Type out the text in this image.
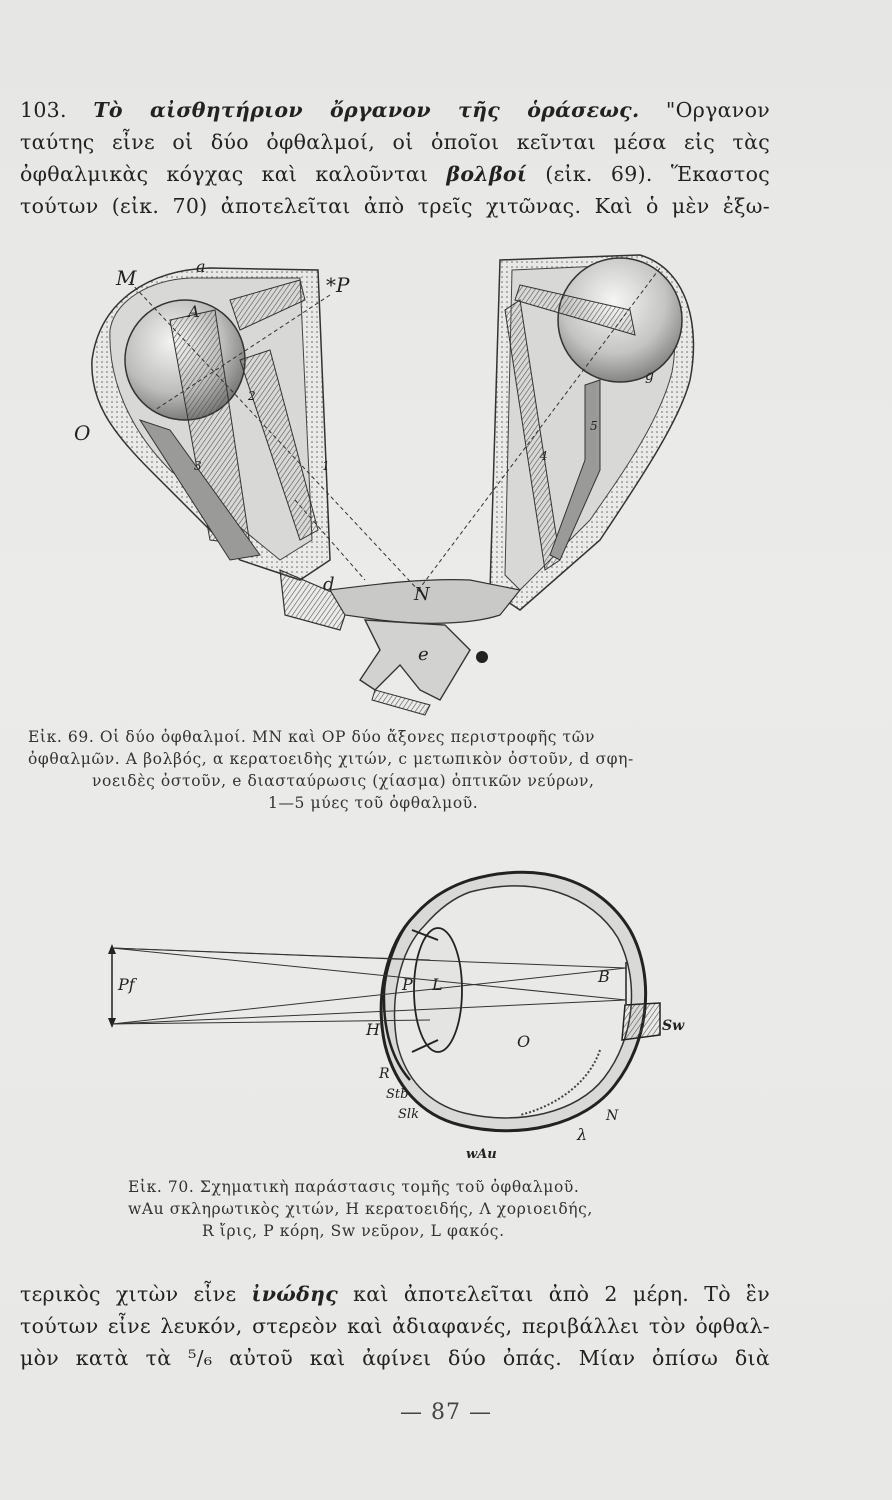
103. Τὸ αἰσθητήριον ὄργανον τῆς ὁράσεως. "Οργανον
ταύτης εἶνε οἱ δύο ὀφθαλμοί, οἱ ὁποῖοι κεῖνται μέσα εἰς τὰς
ὀφθαλμικὰς κόγχας καὶ καλοῦνται βολβοί (εἰκ. 69). Ἕκαστος
τούτων (εἰκ. 70) ἀποτελεῖται ἀπὸ τρεῖς χιτῶνας. Καὶ ὁ μὲν ἐξω-
M	a
A
*P
O
N
d
e
g
1
2
3
4
5
Εἰκ. 69. Οἱ δύο ὀφθαλμοί. ΜΝ καὶ ΟΡ δύο ἄξονες περιστροφῆς τῶν
ὀφθαλμῶν. Α βολβός, α κερατοειδὴς χιτών, c μετωπικὸν ὀστοῦν, d σφη-
νοειδὲς ὀστοῦν, e διασταύρωσις (χίασμα) ὀπτικῶν νεύρων,
1—5 μύες τοῦ ὀφθαλμοῦ.
Pf	P L	B
H
O
R
Stb
Slk
wAu
λ
N
Sw
Εἰκ. 70. Σχηματικὴ παράστασις τομῆς τοῦ ὀφθαλμοῦ.
wAu σκληρωτικὸς χιτών, Η κερατοειδής, Λ χοριοειδής,
R ἴρις, Ρ κόρη, Sw νεῦρον, L φακός.
τερικὸς χιτὼν εἶνε ἰνώδης καὶ ἀποτελεῖται ἀπὸ 2 μέρη. Τὸ ἓν
τούτων εἶνε λευκόν, στερεὸν καὶ ἀδιαφανές, περιβάλλει τὸν ὀφθαλ-
μὸν κατὰ τὰ ⁵/₆ αὐτοῦ καὶ ἀφίνει δύο ὀπάς. Μίαν ὀπίσω διὰ
— 87 —
